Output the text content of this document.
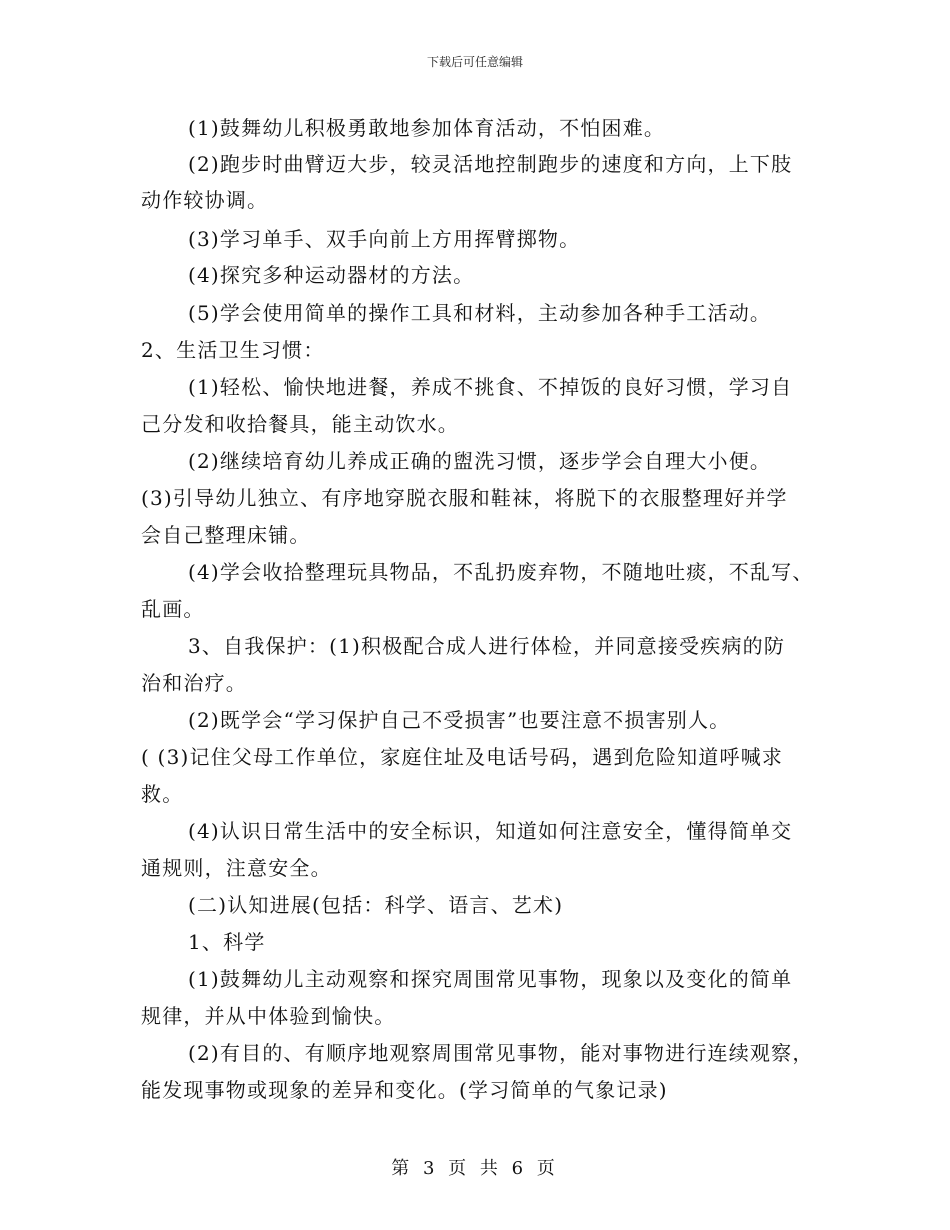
下载后可任意编辑
(1)鼓舞幼儿积极勇敢地参加体育活动，不怕困难。
(2)跑步时曲臂迈大步，较灵活地控制跑步的速度和方向，上下肢
动作较协调。
(3)学习单手、双手向前上方用挥臂掷物。
(4)探究多种运动器材的方法。
(5)学会使用简单的操作工具和材料，主动参加各种手工活动。
2、生活卫生习惯：
(1)轻松、愉快地进餐，养成不挑食、不掉饭的良好习惯，学习自
己分发和收拾餐具，能主动饮水。
(2)继续培育幼儿养成正确的盥洗习惯，逐步学会自理大小便。
(3)引导幼儿独立、有序地穿脱衣服和鞋袜，将脱下的衣服整理好并学
会自己整理床铺。
(4)学会收拾整理玩具物品，不乱扔废弃物，不随地吐痰，不乱写、
乱画。
3、自我保护：(1)积极配合成人进行体检，并同意接受疾病的防
治和治疗。
(2)既学会“学习保护自己不受损害”也要注意不损害别人。
( (3)记住父母工作单位，家庭住址及电话号码，遇到危险知道呼喊求
救。
(4)认识日常生活中的安全标识，知道如何注意安全，懂得简单交
通规则，注意安全。
(二)认知进展(包括：科学、语言、艺术)
1、科学
(1)鼓舞幼儿主动观察和探究周围常见事物，现象以及变化的简单
规律，并从中体验到愉快。
(2)有目的、有顺序地观察周围常见事物，能对事物进行连续观察，
能发现事物或现象的差异和变化。(学习简单的气象记录)
第 3 页 共 6 页
